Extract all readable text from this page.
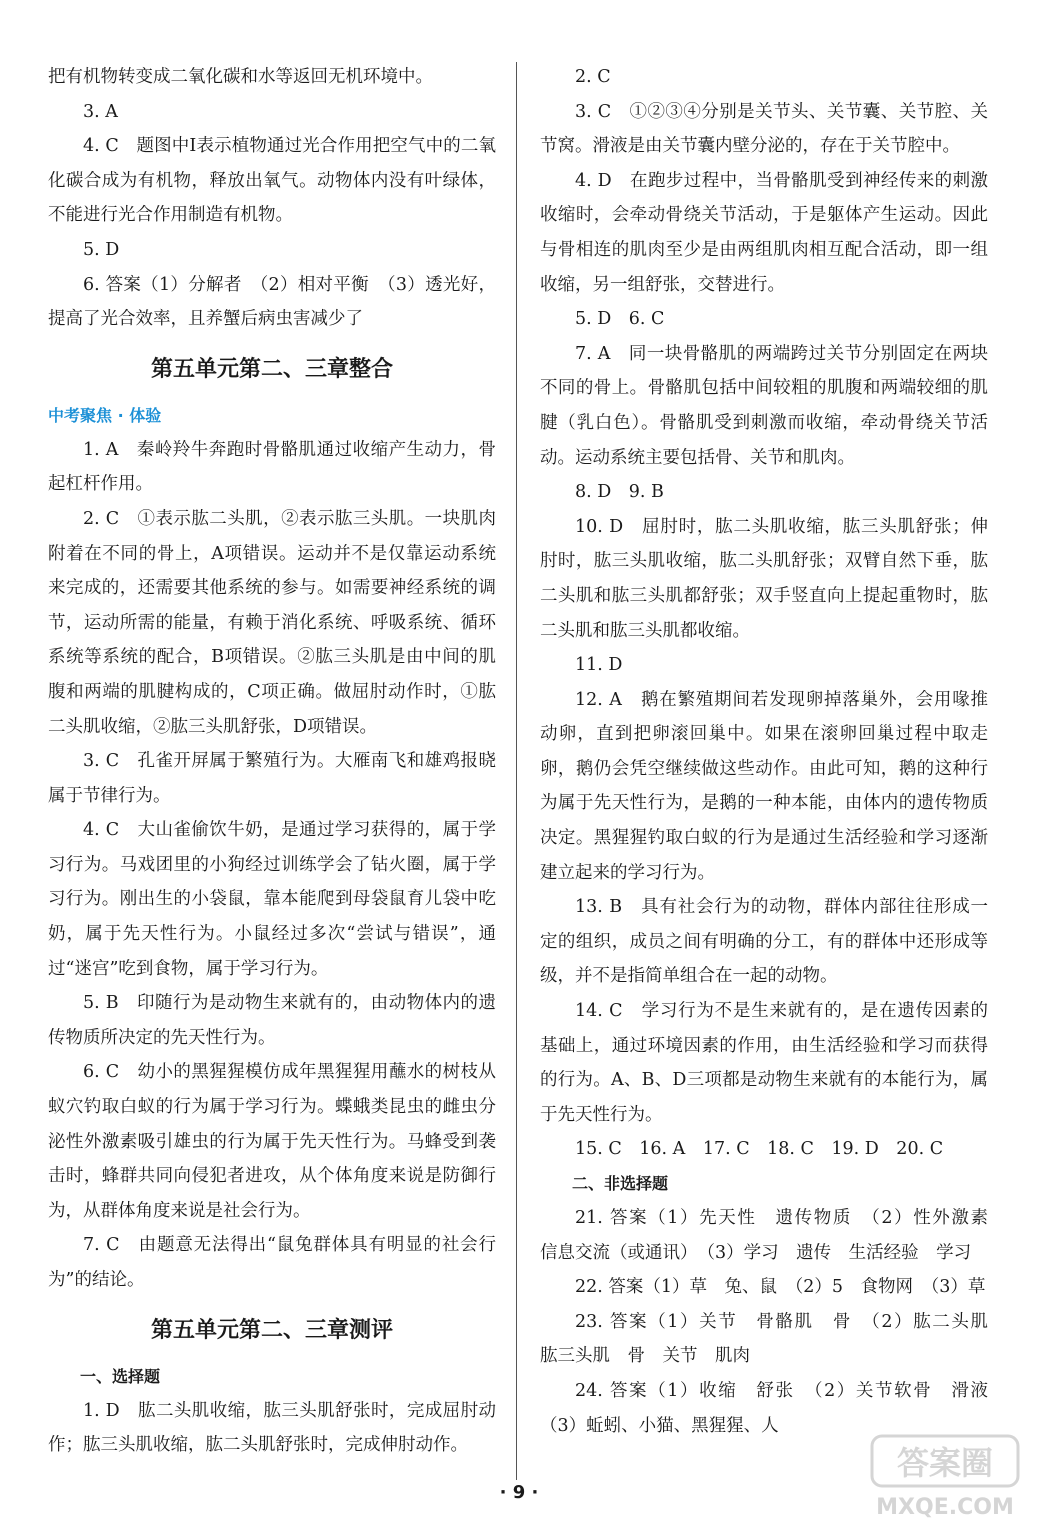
把有机物转变成二氧化碳和水等返回无机环境中。

3. A

4. C　题图中Ⅰ表示植物通过光合作用把空气中的二氧化碳合成为有机物，释放出氧气。动物体内没有叶绿体，不能进行光合作用制造有机物。

5. D

6. 答案（1）分解者　（2）相对平衡　（3）透光好，提高了光合效率，且养蟹后病虫害减少了

第五单元第二、三章整合

中考聚焦 · 体验

1. A　秦岭羚牛奔跑时骨骼肌通过收缩产生动力，骨起杠杆作用。

2. C　①表示肱二头肌，②表示肱三头肌。一块肌肉附着在不同的骨上，A项错误。运动并不是仅靠运动系统来完成的，还需要其他系统的参与。如需要神经系统的调节，运动所需的能量，有赖于消化系统、呼吸系统、循环系统等系统的配合，B项错误。②肱三头肌是由中间的肌腹和两端的肌腱构成的，C项正确。做屈肘动作时，①肱二头肌收缩，②肱三头肌舒张，D项错误。

3. C　孔雀开屏属于繁殖行为。大雁南飞和雄鸡报晓属于节律行为。

4. C　大山雀偷饮牛奶，是通过学习获得的，属于学习行为。马戏团里的小狗经过训练学会了钻火圈，属于学习行为。刚出生的小袋鼠，靠本能爬到母袋鼠育儿袋中吃奶，属于先天性行为。小鼠经过多次“尝试与错误”，通过“迷宫”吃到食物，属于学习行为。

5. B　印随行为是动物生来就有的，由动物体内的遗传物质所决定的先天性行为。

6. C　幼小的黑猩猩模仿成年黑猩猩用蘸水的树枝从蚁穴钓取白蚁的行为属于学习行为。蝶蛾类昆虫的雌虫分泌性外激素吸引雄虫的行为属于先天性行为。马蜂受到袭击时，蜂群共同向侵犯者进攻，从个体角度来说是防御行为，从群体角度来说是社会行为。

7. C　由题意无法得出“鼠兔群体具有明显的社会行为”的结论。

第五单元第二、三章测评

一、选择题

1. D　肱二头肌收缩，肱三头肌舒张时，完成屈肘动作；肱三头肌收缩，肱二头肌舒张时，完成伸肘动作。

2. C

3. C　①②③④分别是关节头、关节囊、关节腔、关节窝。滑液是由关节囊内壁分泌的，存在于关节腔中。

4. D　在跑步过程中，当骨骼肌受到神经传来的刺激收缩时，会牵动骨绕关节活动，于是躯体产生运动。因此与骨相连的肌肉至少是由两组肌肉相互配合活动，即一组收缩，另一组舒张，交替进行。

5. D　6. C

7. A　同一块骨骼肌的两端跨过关节分别固定在两块不同的骨上。骨骼肌包括中间较粗的肌腹和两端较细的肌腱（乳白色）。骨骼肌受到刺激而收缩，牵动骨绕关节活动。运动系统主要包括骨、关节和肌肉。

8. D　9. B

10. D　屈肘时，肱二头肌收缩，肱三头肌舒张；伸肘时，肱三头肌收缩，肱二头肌舒张；双臂自然下垂，肱二头肌和肱三头肌都舒张；双手竖直向上提起重物时，肱二头肌和肱三头肌都收缩。

11. D

12. A　鹅在繁殖期间若发现卵掉落巢外，会用喙推动卵，直到把卵滚回巢中。如果在滚卵回巢过程中取走卵，鹅仍会凭空继续做这些动作。由此可知，鹅的这种行为属于先天性行为，是鹅的一种本能，由体内的遗传物质决定。黑猩猩钓取白蚁的行为是通过生活经验和学习逐渐建立起来的学习行为。

13. B　具有社会行为的动物，群体内部往往形成一定的组织，成员之间有明确的分工，有的群体中还形成等级，并不是指简单组合在一起的动物。

14. C　学习行为不是生来就有的，是在遗传因素的基础上，通过环境因素的作用，由生活经验和学习而获得的行为。A、B、D三项都是动物生来就有的本能行为，属于先天性行为。

15. C　16. A　17. C　18. C　19. D　20. C

二、非选择题

21. 答案（1）先天性　遗传物质　（2）性外激素　信息交流（或通讯）　（3）学习　遗传　生活经验　学习

22. 答案（1）草　兔、鼠　（2）5　食物网　（3）草

23. 答案（1）关节　骨骼肌　骨　（2）肱二头肌　肱三头肌　骨　关节　肌肉

24. 答案（1）收缩　舒张　（2）关节软骨　滑液　（3）蚯蚓、小猫、黑猩猩、人

· 9 ·
答案圈
MXQE.COM
